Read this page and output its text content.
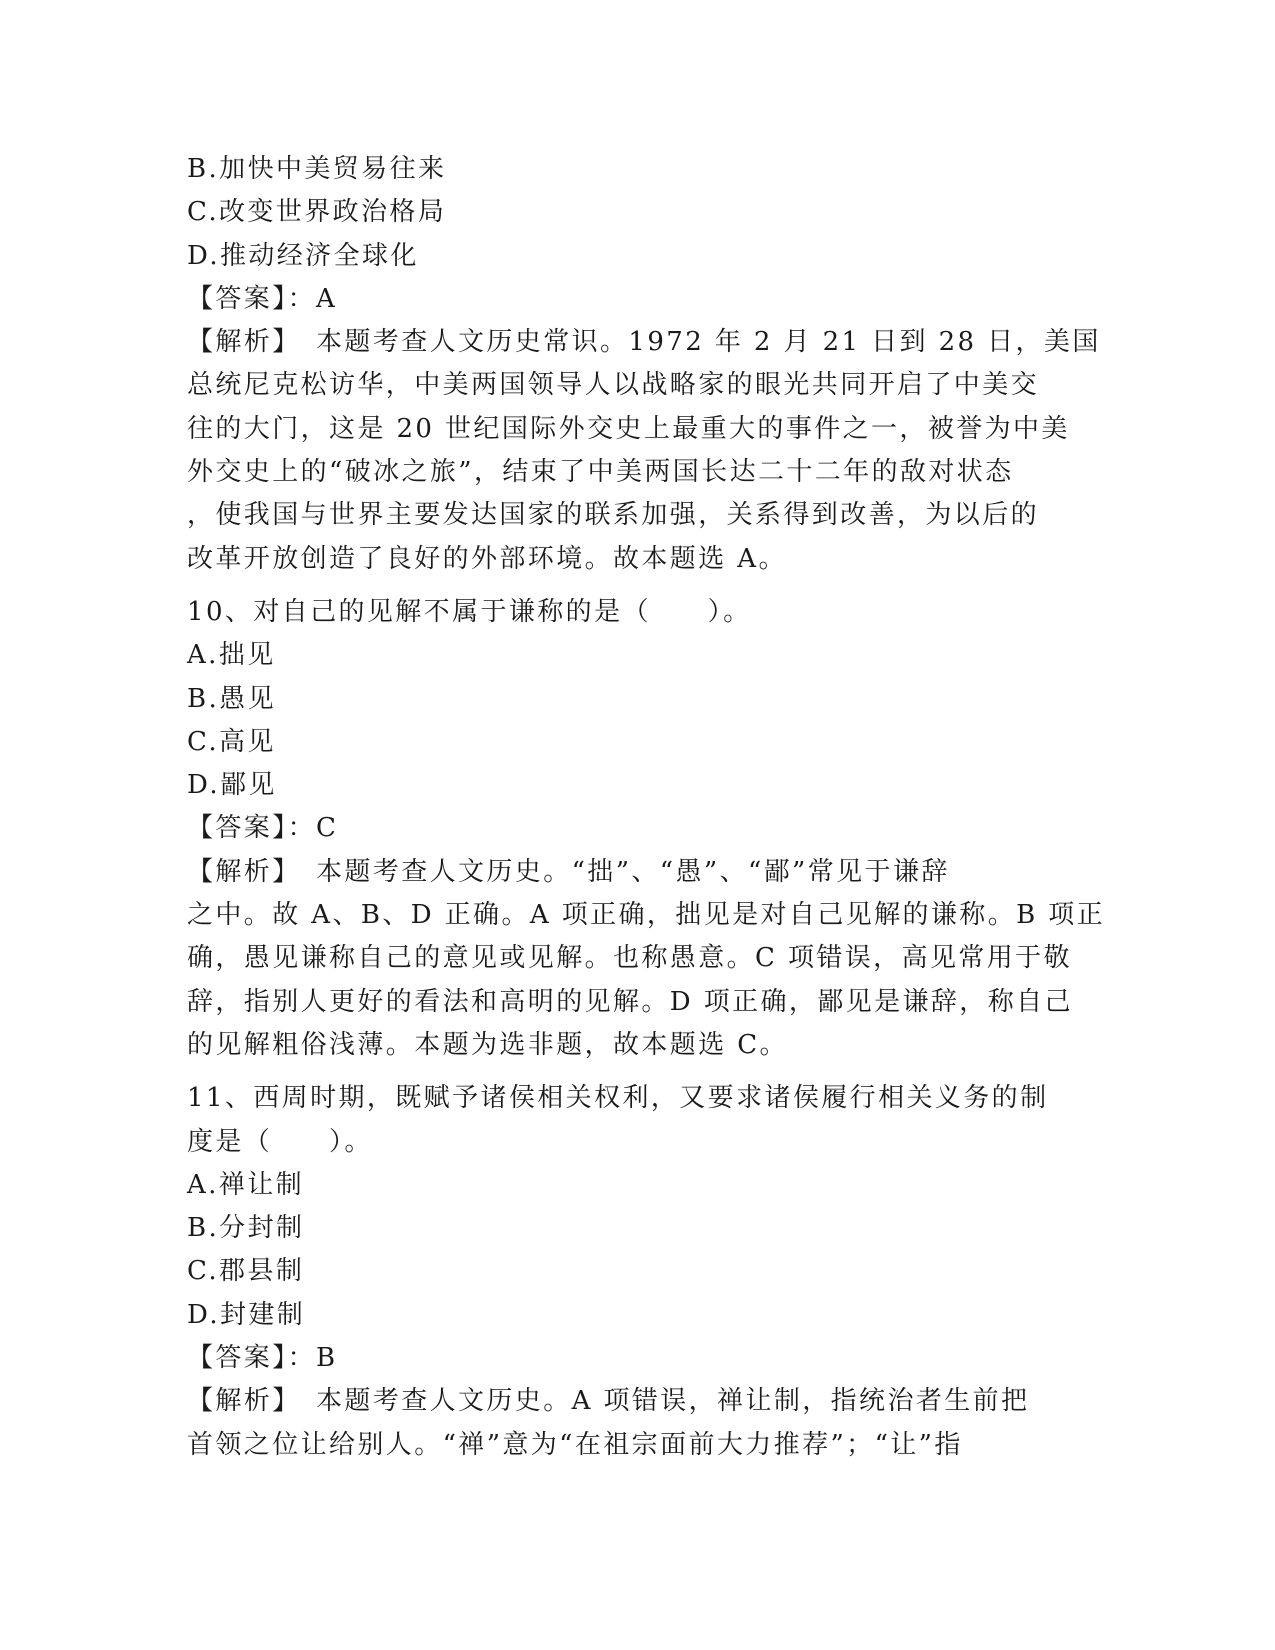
B.加快中美贸易往来
C.改变世界政治格局
D.推动经济全球化
【答案】：A
【解析】　本题考查人文历史常识。1972 年 2 月 21 日到 28 日，美国
总统尼克松访华，中美两国领导人以战略家的眼光共同开启了中美交
往的大门，这是 20 世纪国际外交史上最重大的事件之一，被誉为中美
外交史上的“破冰之旅”，结束了中美两国长达二十二年的敌对状态
，使我国与世界主要发达国家的联系加强，关系得到改善，为以后的
改革开放创造了良好的外部环境。故本题选 A。
10、对自己的见解不属于谦称的是（　　）。
A.拙见
B.愚见
C.高见
D.鄙见
【答案】：C
【解析】　本题考查人文历史。“拙”、“愚”、“鄙”常见于谦辞
之中。故 A、B、D 正确。A 项正确，拙见是对自己见解的谦称。B 项正
确，愚见谦称自己的意见或见解。也称愚意。C 项错误，高见常用于敬
辞，指别人更好的看法和高明的见解。D 项正确，鄙见是谦辞，称自己
的见解粗俗浅薄。本题为选非题，故本题选 C。
11、西周时期，既赋予诸侯相关权利，又要求诸侯履行相关义务的制
度是（　　）。
A.禅让制
B.分封制
C.郡县制
D.封建制
【答案】：B
【解析】　本题考查人文历史。A 项错误，禅让制，指统治者生前把
首领之位让给别人。“禅”意为“在祖宗面前大力推荐”；“让”指
